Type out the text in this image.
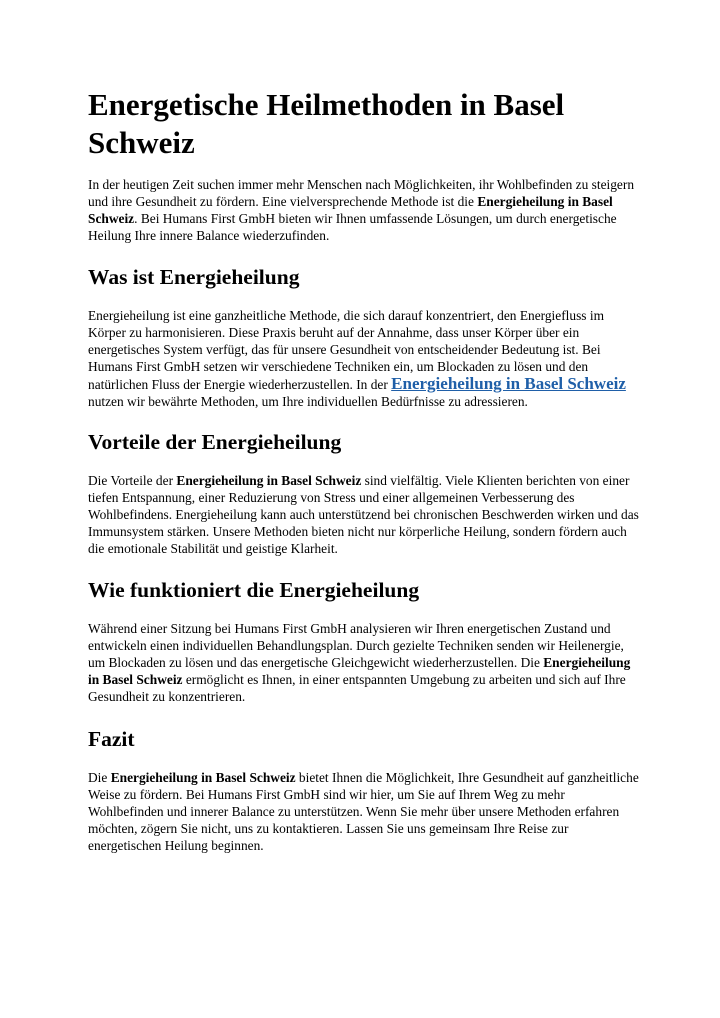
Energetische Heilmethoden in Basel Schweiz

In der heutigen Zeit suchen immer mehr Menschen nach Möglichkeiten, ihr Wohlbefinden zu steigern und ihre Gesundheit zu fördern. Eine vielversprechende Methode ist die Energieheilung in Basel Schweiz. Bei Humans First GmbH bieten wir Ihnen umfassende Lösungen, um durch energetische Heilung Ihre innere Balance wiederzufinden.

Was ist Energieheilung

Energieheilung ist eine ganzheitliche Methode, die sich darauf konzentriert, den Energiefluss im Körper zu harmonisieren. Diese Praxis beruht auf der Annahme, dass unser Körper über ein energetisches System verfügt, das für unsere Gesundheit von entscheidender Bedeutung ist. Bei Humans First GmbH setzen wir verschiedene Techniken ein, um Blockaden zu lösen und den natürlichen Fluss der Energie wiederherzustellen. In der Energieheilung in Basel Schweiz nutzen wir bewährte Methoden, um Ihre individuellen Bedürfnisse zu adressieren.

Vorteile der Energieheilung

Die Vorteile der Energieheilung in Basel Schweiz sind vielfältig. Viele Klienten berichten von einer tiefen Entspannung, einer Reduzierung von Stress und einer allgemeinen Verbesserung des Wohlbefindens. Energieheilung kann auch unterstützend bei chronischen Beschwerden wirken und das Immunsystem stärken. Unsere Methoden bieten nicht nur körperliche Heilung, sondern fördern auch die emotionale Stabilität und geistige Klarheit.

Wie funktioniert die Energieheilung

Während einer Sitzung bei Humans First GmbH analysieren wir Ihren energetischen Zustand und entwickeln einen individuellen Behandlungsplan. Durch gezielte Techniken senden wir Heilenergie, um Blockaden zu lösen und das energetische Gleichgewicht wiederherzustellen. Die Energieheilung in Basel Schweiz ermöglicht es Ihnen, in einer entspannten Umgebung zu arbeiten und sich auf Ihre Gesundheit zu konzentrieren.

Fazit

Die Energieheilung in Basel Schweiz bietet Ihnen die Möglichkeit, Ihre Gesundheit auf ganzheitliche Weise zu fördern. Bei Humans First GmbH sind wir hier, um Sie auf Ihrem Weg zu mehr Wohlbefinden und innerer Balance zu unterstützen. Wenn Sie mehr über unsere Methoden erfahren möchten, zögern Sie nicht, uns zu kontaktieren. Lassen Sie uns gemeinsam Ihre Reise zur energetischen Heilung beginnen.
